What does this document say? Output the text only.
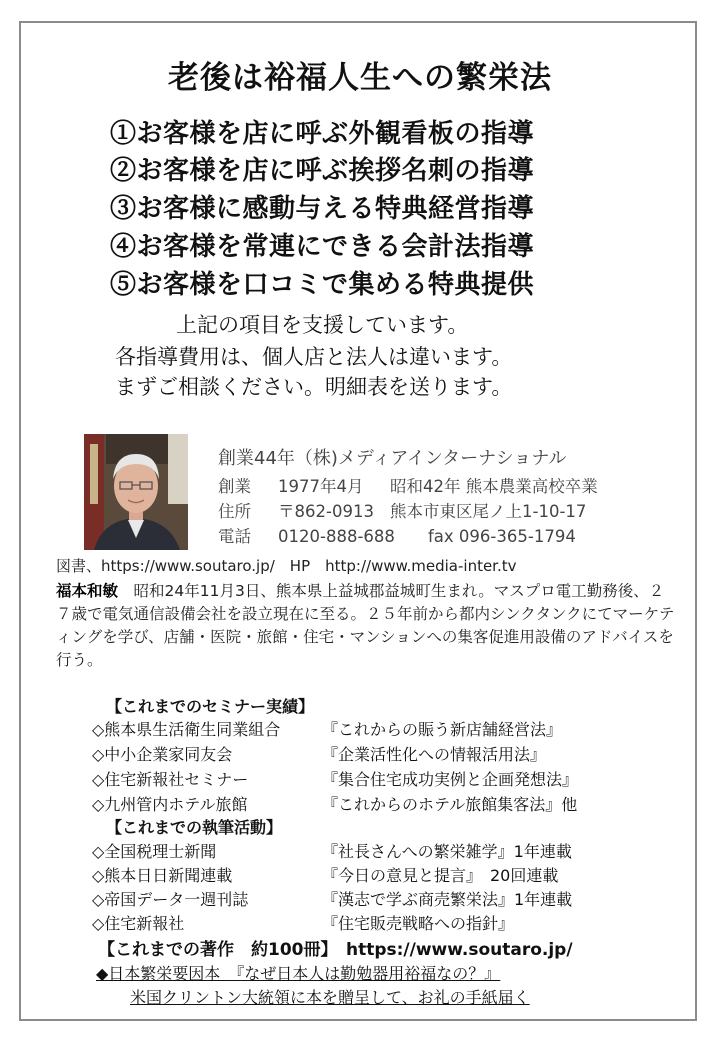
老後は裕福人生への繁栄法
①お客様を店に呼ぶ外観看板の指導
②お客様を店に呼ぶ挨拶名刺の指導
③お客様に感動与える特典経営指導
④お客様を常連にできる会計法指導
⑤お客様を口コミで集める特典提供
上記の項目を支援しています。
各指導費用は、個人店と法人は違います。
まずご相談ください。明細表を送ります。
創業44年（株)メディアインターナショナル
創業 1977年4月 昭和42年 熊本農業高校卒業
住所 〒862-0913 熊本市東区尾ノ上1-10-17
電話 0120-888-688 fax 096-365-1794
図書、https://www.soutaro.jp/　HP　http://www.media-inter.tv
福本和敏　 昭和24年11月3日、熊本県上益城郡益城町生まれ。マスプロ電工勤務後、２７歳で電気通信設備会社を設立現在に至る。２５年前から都内シンクタンクにてマーケティングを学び、店舗・医院・旅館・住宅・マンションへの集客促進用設備のアドバイスを行う。
【これまでのセミナー実績】
◇熊本県生活衛生同業組合	『これからの賑う新店舗経営法』
◇中小企業家同友会	『企業活性化への情報活用法』
◇住宅新報社セミナー	『集合住宅成功実例と企画発想法』
◇九州管内ホテル旅館	『これからのホテル旅館集客法』他
【これまでの執筆活動】
◇全国税理士新聞	『社長さんへの繁栄雑学』1年連載
◇熊本日日新聞連載	『今日の意見と提言』　20回連載
◇帝国データ一週刊誌	『漢志で学ぶ商売繁栄法』1年連載
◇住宅新報社	『住宅販売戦略への指針』
【これまでの著作　約100冊】　https://www.soutaro.jp/
◆日本繁栄要因本　『なぜ日本人は勤勉器用裕福なの？』
米国クリントン大統領に本を贈呈して、お礼の手紙届く
